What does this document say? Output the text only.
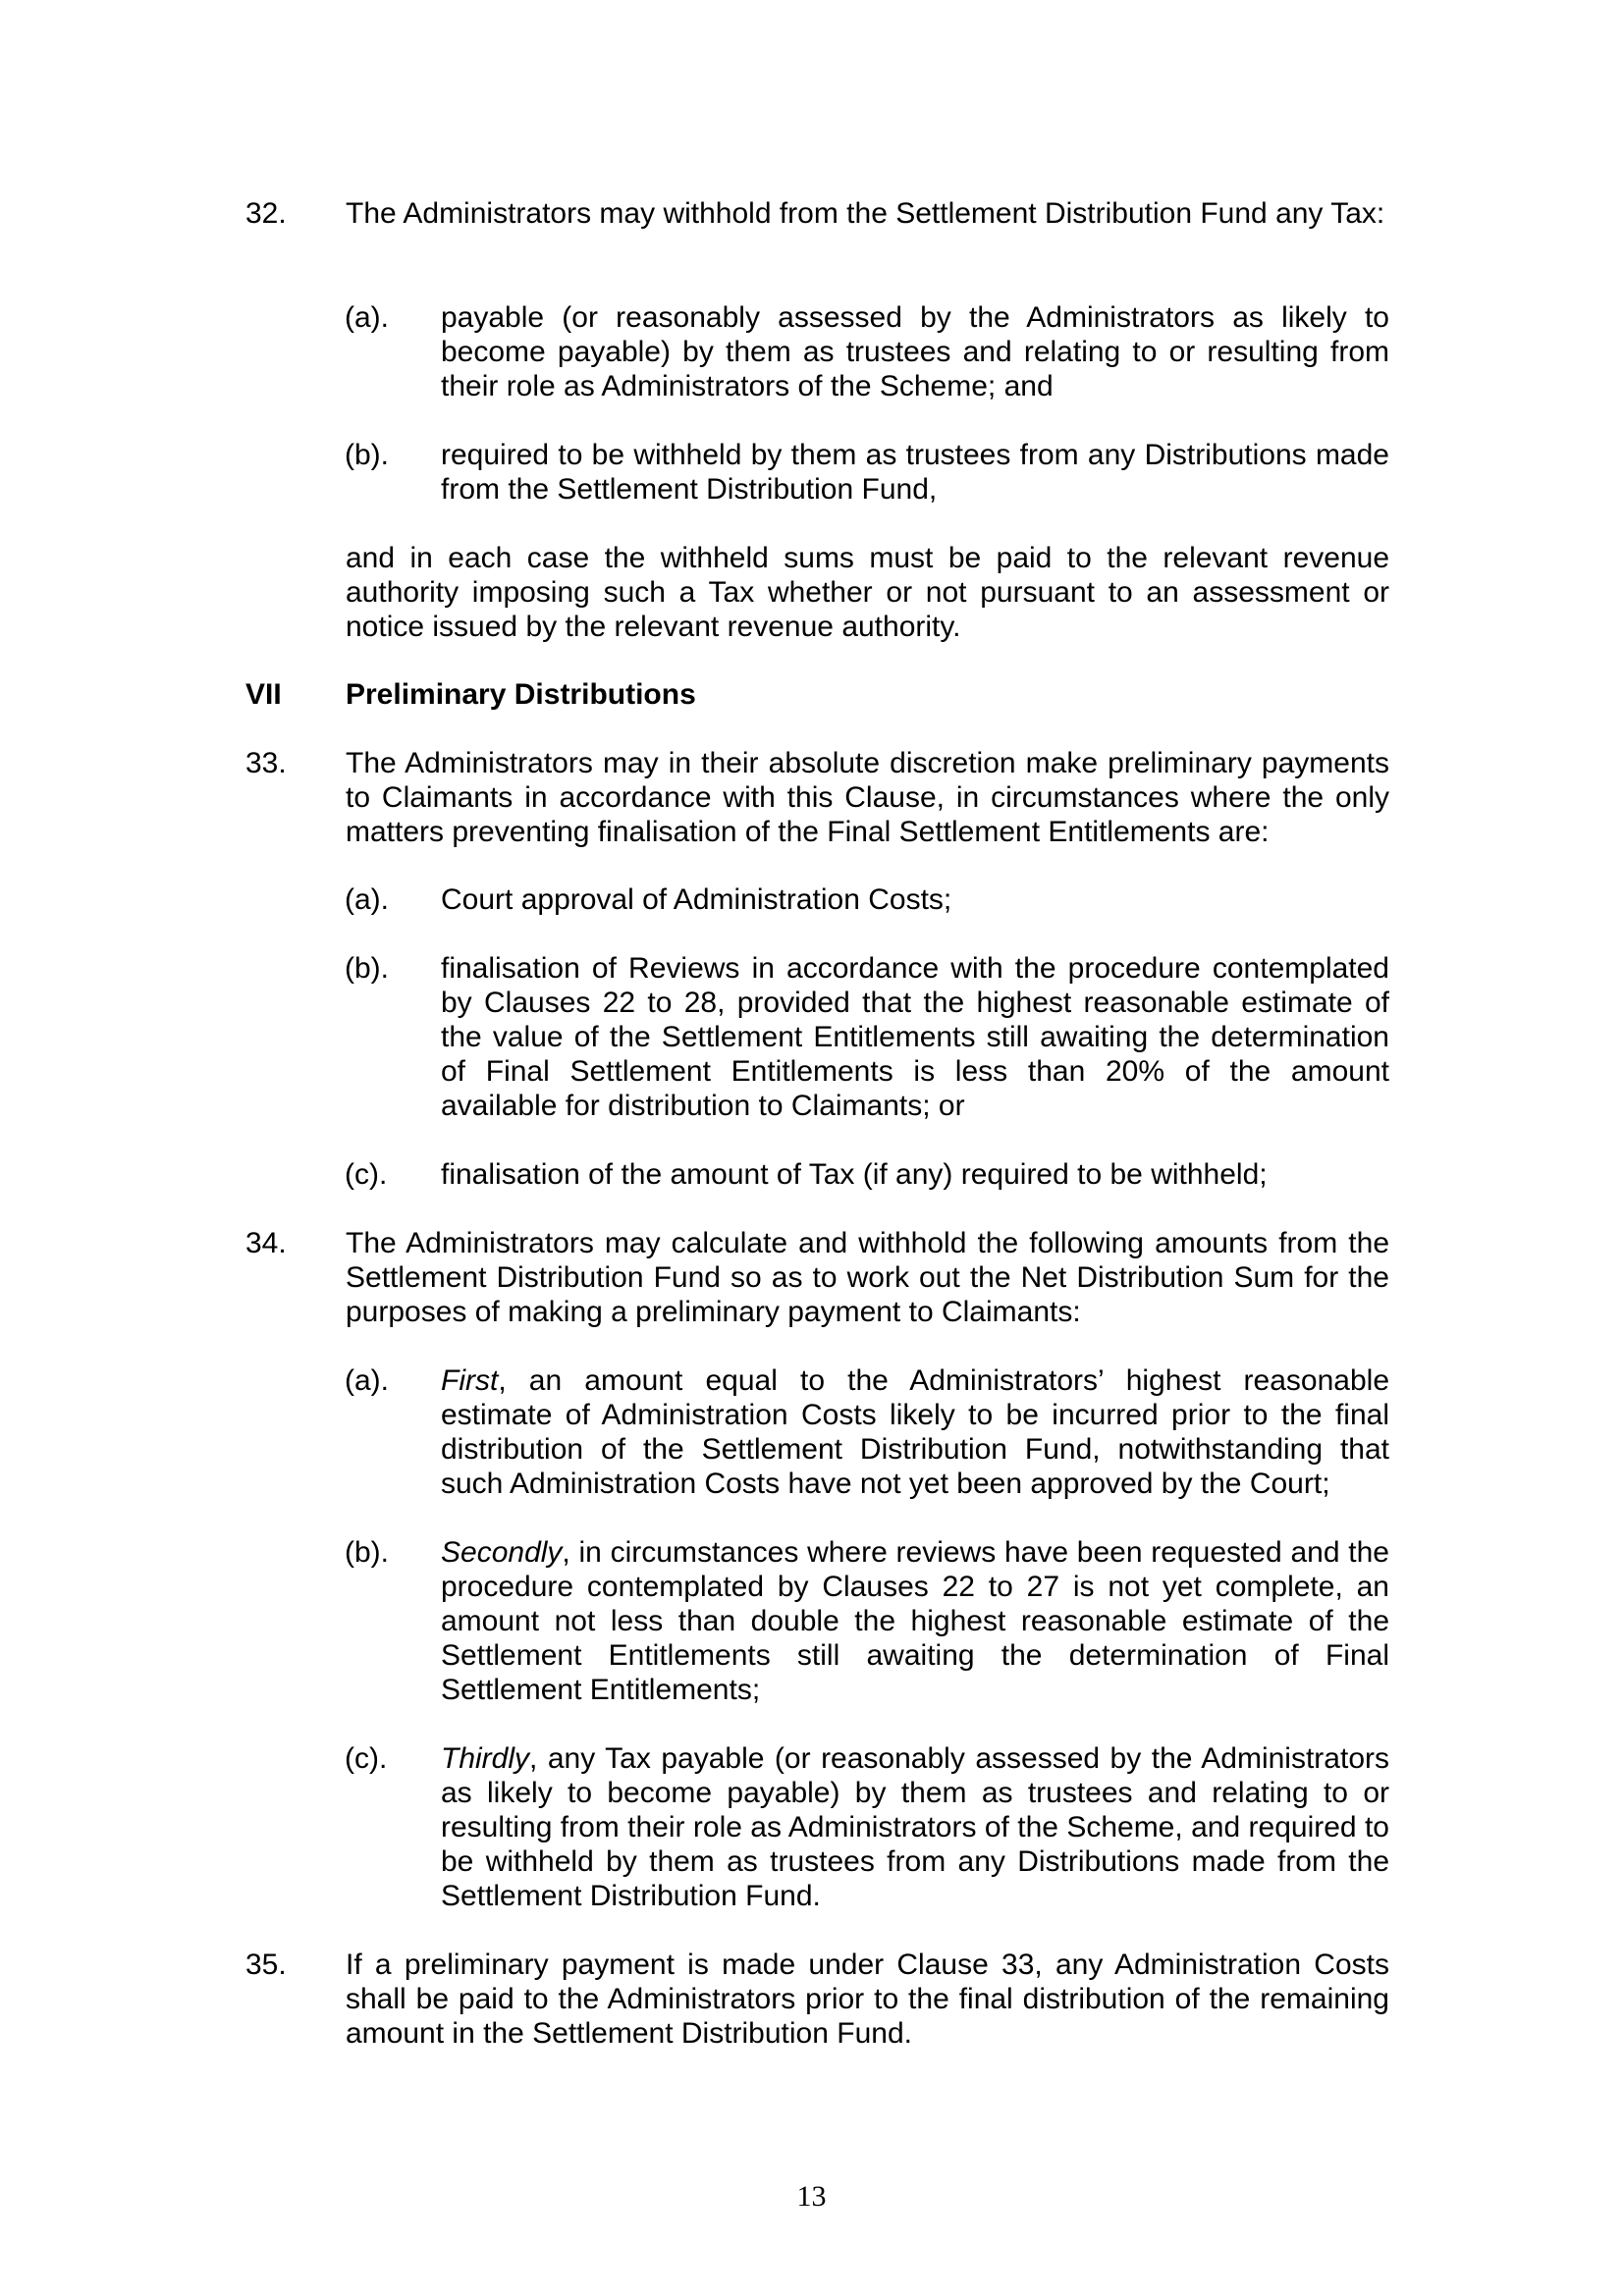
32. The Administrators may withhold from the Settlement Distribution Fund any Tax:
(a). payable (or reasonably assessed by the Administrators as likely to become payable) by them as trustees and relating to or resulting from their role as Administrators of the Scheme; and
(b). required to be withheld by them as trustees from any Distributions made from the Settlement Distribution Fund,
and in each case the withheld sums must be paid to the relevant revenue authority imposing such a Tax whether or not pursuant to an assessment or notice issued by the relevant revenue authority.
VII Preliminary Distributions
33. The Administrators may in their absolute discretion make preliminary payments to Claimants in accordance with this Clause, in circumstances where the only matters preventing finalisation of the Final Settlement Entitlements are:
(a). Court approval of Administration Costs;
(b). finalisation of Reviews in accordance with the procedure contemplated by Clauses 22 to 28, provided that the highest reasonable estimate of the value of the Settlement Entitlements still awaiting the determination of Final Settlement Entitlements is less than 20% of the amount available for distribution to Claimants; or
(c). finalisation of the amount of Tax (if any) required to be withheld;
34. The Administrators may calculate and withhold the following amounts from the Settlement Distribution Fund so as to work out the Net Distribution Sum for the purposes of making a preliminary payment to Claimants:
(a). First, an amount equal to the Administrators’ highest reasonable estimate of Administration Costs likely to be incurred prior to the final distribution of the Settlement Distribution Fund, notwithstanding that such Administration Costs have not yet been approved by the Court;
(b). Secondly, in circumstances where reviews have been requested and the procedure contemplated by Clauses 22 to 27 is not yet complete, an amount not less than double the highest reasonable estimate of the Settlement Entitlements still awaiting the determination of Final Settlement Entitlements;
(c). Thirdly, any Tax payable (or reasonably assessed by the Administrators as likely to become payable) by them as trustees and relating to or resulting from their role as Administrators of the Scheme, and required to be withheld by them as trustees from any Distributions made from the Settlement Distribution Fund.
35. If a preliminary payment is made under Clause 33, any Administration Costs shall be paid to the Administrators prior to the final distribution of the remaining amount in the Settlement Distribution Fund.
13
